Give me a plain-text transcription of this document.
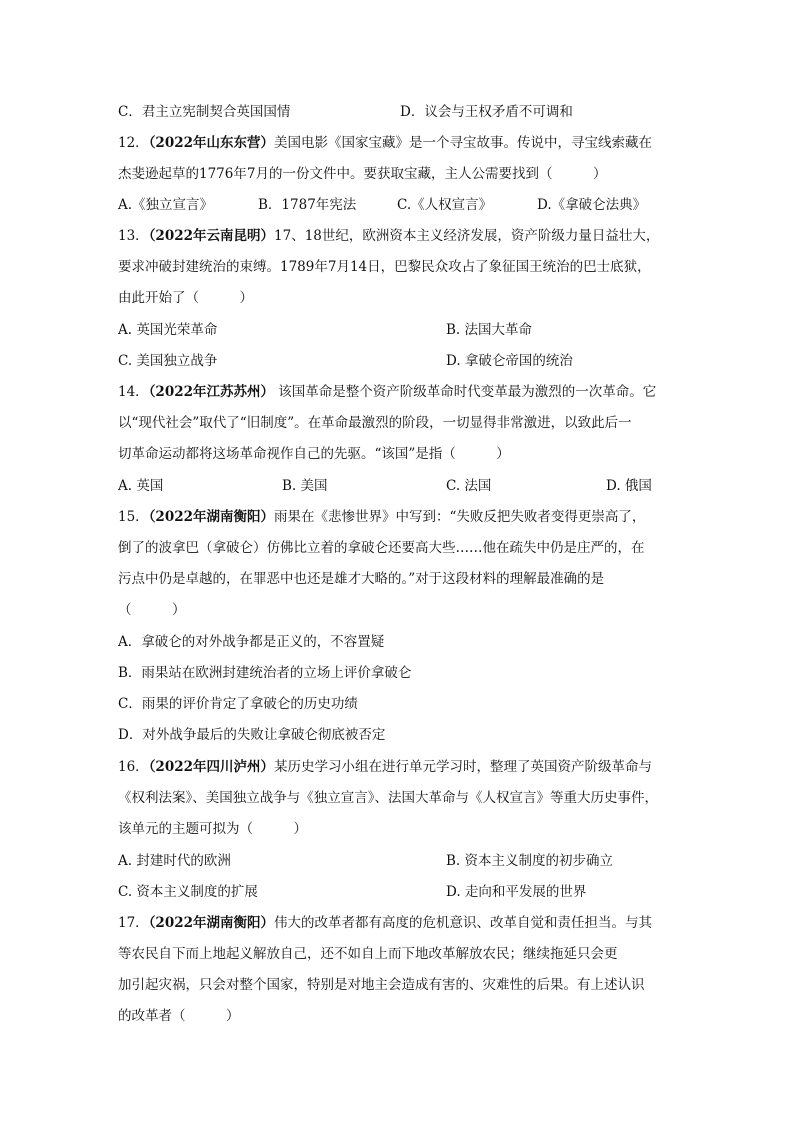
C．君主立宪制契合英国国情	D．议会与王权矛盾不可调和
12．（2022年山东东营）美国电影《国家宝藏》是一个寻宝故事。传说中，寻宝线索藏在
杰斐逊起草的1776年7月的一份文件中。要获取宝藏，主人公需要找到（　　　）
A.《独立宣言》	B．1787年宪法	C.《人权宣言》	D.《拿破仑法典》
13．（2022年云南昆明）17、18世纪，欧洲资本主义经济发展，资产阶级力量日益壮大，
要求冲破封建统治的束缚。1789年7月14日，巴黎民众攻占了象征国王统治的巴士底狱，
由此开始了（　　　）
A. 英国光荣革命	B. 法国大革命
C. 美国独立战争	D. 拿破仑帝国的统治
14．（2022年江苏苏州） 该国革命是整个资产阶级革命时代变革最为激烈的一次革命。它
以“现代社会”取代了“旧制度”。在革命最激烈的阶段，一切显得非常激进，以致此后一
切革命运动都将这场革命视作自己的先驱。“该国”是指（　　　）
A. 英国	B. 美国	C. 法国	D. 俄国
15．（2022年湖南衡阳）雨果在《悲惨世界》中写到：“失败反把失败者变得更崇高了，
倒了的波拿巴（拿破仑）仿佛比立着的拿破仑还要高大些……他在疏失中仍是庄严的，在
污点中仍是卓越的，在罪恶中也还是雄才大略的。”对于这段材料的理解最准确的是
（　　　）
A．拿破仑的对外战争都是正义的，不容置疑
B．雨果站在欧洲封建统治者的立场上评价拿破仑
C．雨果的评价肯定了拿破仑的历史功绩
D．对外战争最后的失败让拿破仑彻底被否定
16．（2022年四川泸州）某历史学习小组在进行单元学习时，整理了英国资产阶级革命与
《权利法案》、美国独立战争与《独立宣言》、法国大革命与《人权宣言》等重大历史事件，
该单元的主题可拟为（　　　）
A. 封建时代的欧洲	B. 资本主义制度的初步确立
C. 资本主义制度的扩展	D. 走向和平发展的世界
17．（2022年湖南衡阳）伟大的改革者都有高度的危机意识、改革自觉和责任担当。与其
等农民自下而上地起义解放自己，还不如自上而下地改革解放农民；继续拖延只会更
加引起灾祸，只会对整个国家，特别是对地主会造成有害的、灾难性的后果。有上述认识
的改革者（　　　）
